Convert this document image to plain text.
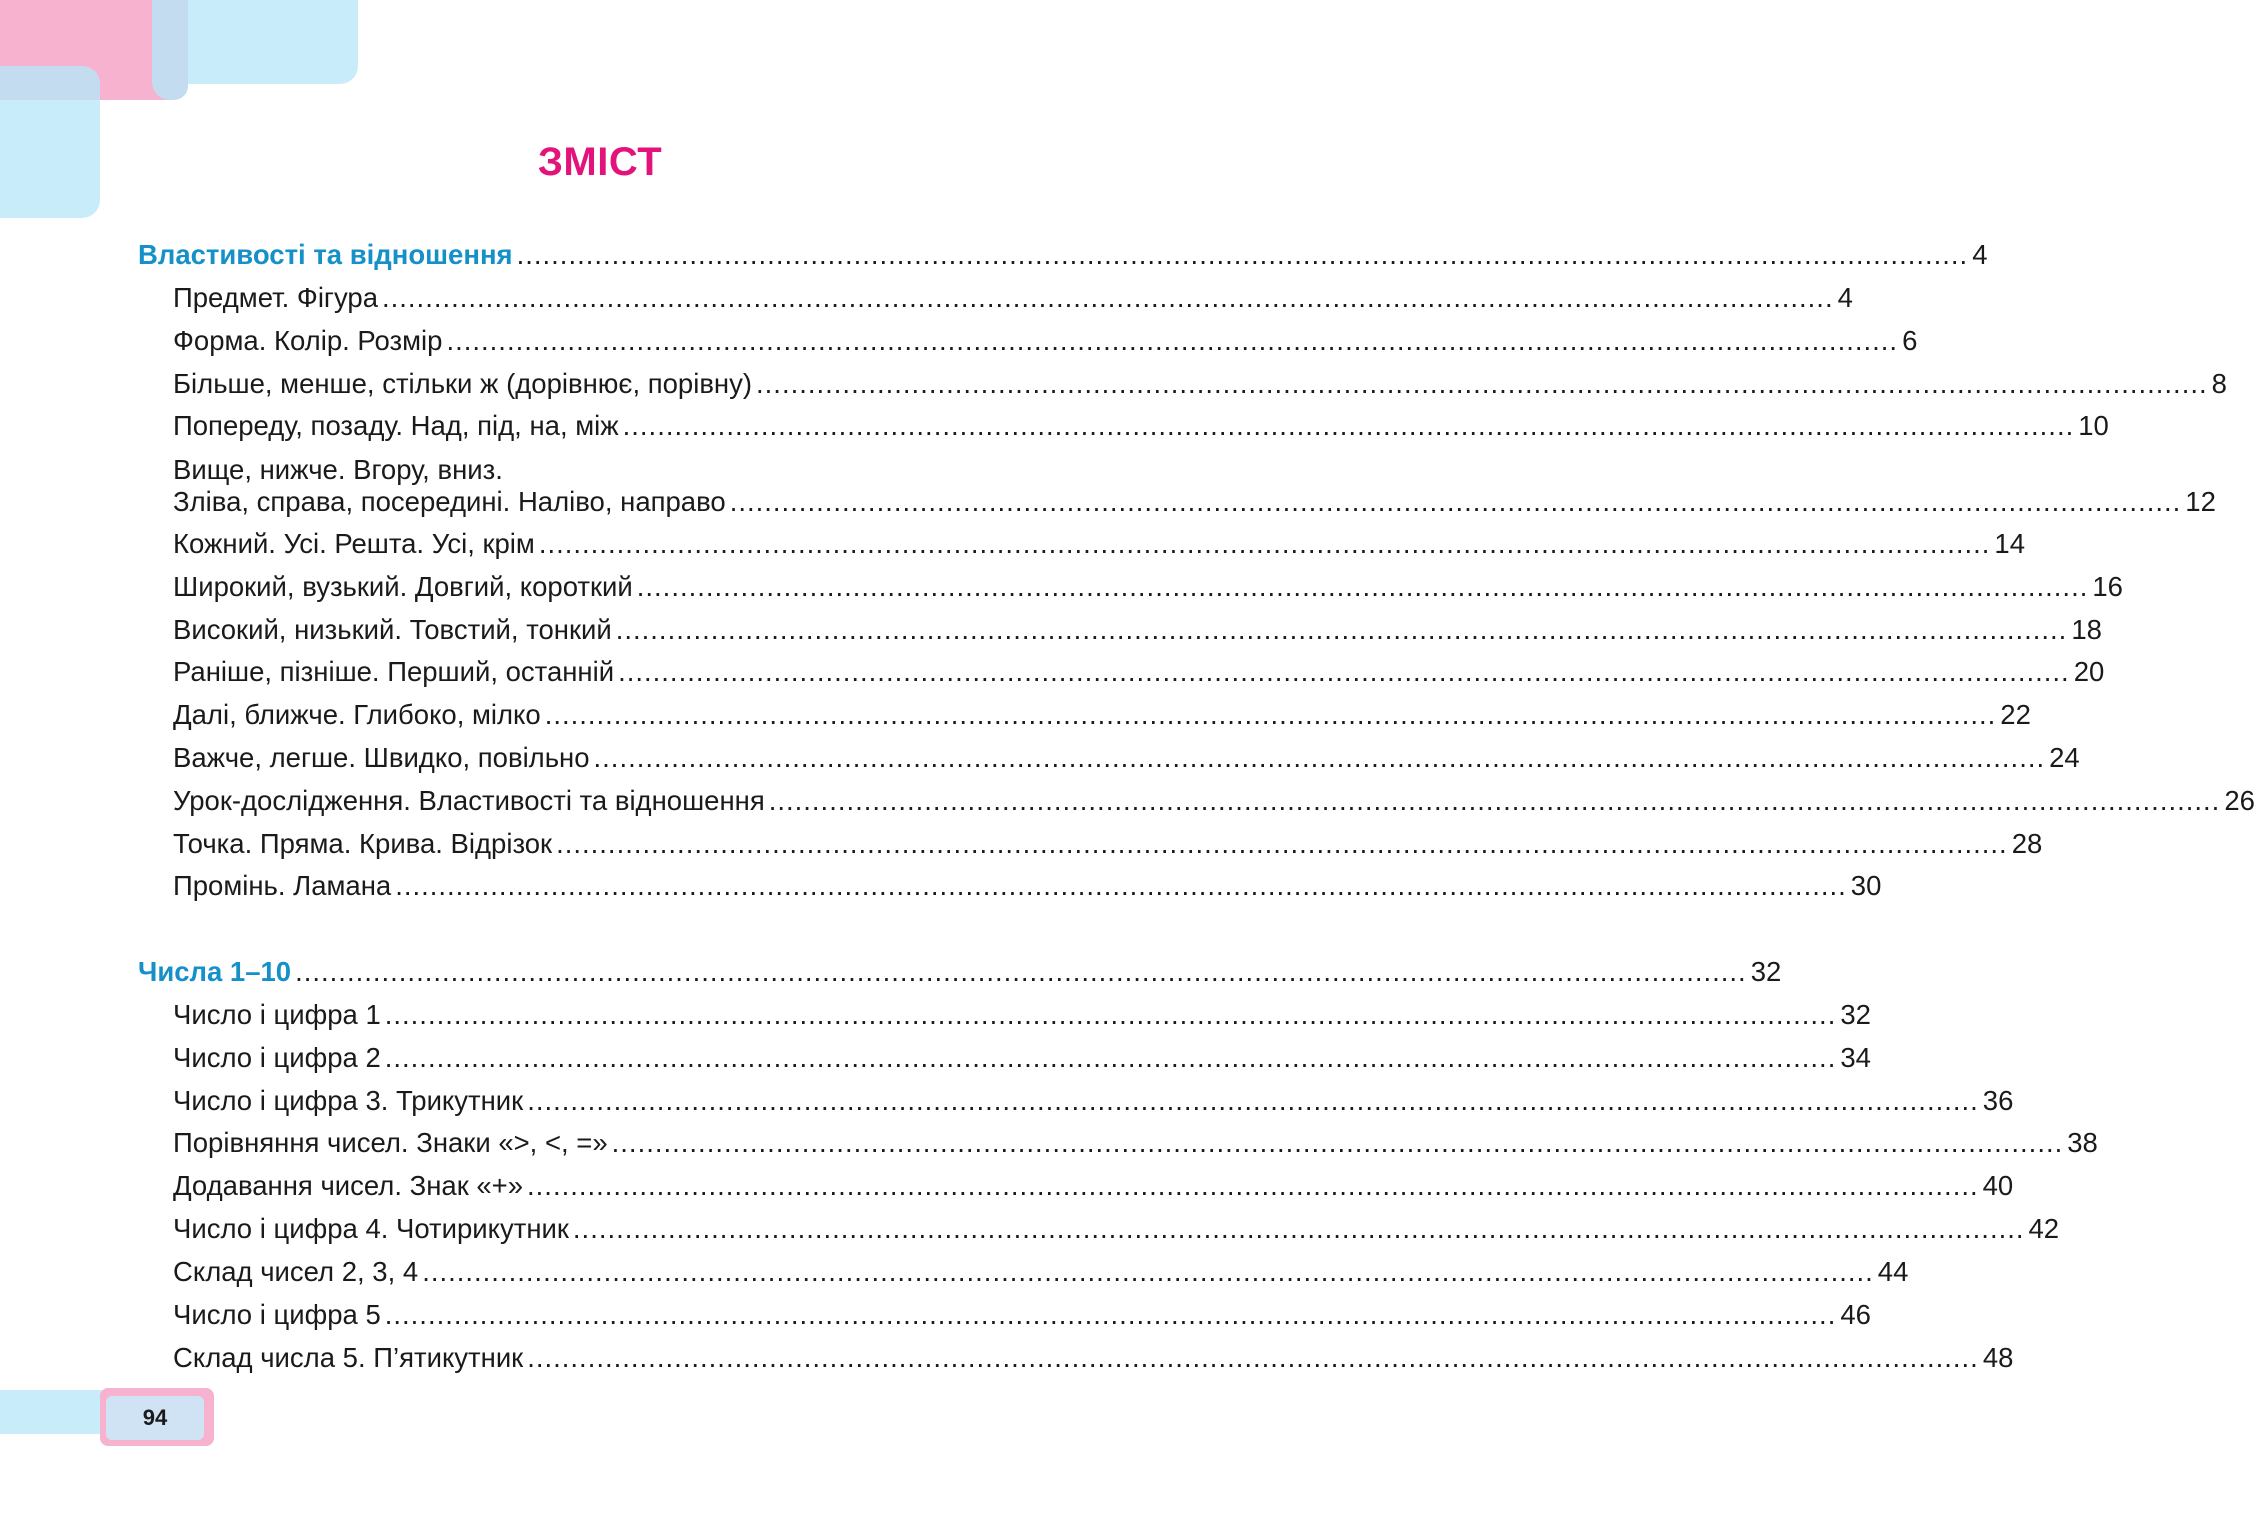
ЗМІСТ
Властивості та відношення ........................................................................................................................................................................ 4
Предмет. Фігура ........................................................................................................................................................................ 4
Форма. Колір. Розмір ........................................................................................................................................................................ 6
Більше, менше, стільки ж (дорівнює, порівну) ........................................................................................................................................................................ 8
Попереду, позаду. Над, під, на, між ........................................................................................................................................................................ 10
Вище, нижче. Вгору, вниз.
Зліва, справа, посередині. Наліво, направо ........................................................................................................................................................................ 12
Кожний. Усі. Решта. Усі, крім ........................................................................................................................................................................ 14
Широкий, вузький. Довгий, короткий ........................................................................................................................................................................ 16
Високий, низький. Товстий, тонкий ........................................................................................................................................................................ 18
Раніше, пізніше. Перший, останній ........................................................................................................................................................................ 20
Далі, ближче. Глибоко, мілко ........................................................................................................................................................................ 22
Важче, легше. Швидко, повільно ........................................................................................................................................................................ 24
Урок-дослідження. Властивості та відношення ........................................................................................................................................................................ 26
Точка. Пряма. Крива. Відрізок ........................................................................................................................................................................ 28
Промінь. Ламана ........................................................................................................................................................................ 30
Числа 1–10 ........................................................................................................................................................................ 32
Число і цифра 1 ........................................................................................................................................................................ 32
Число і цифра 2 ........................................................................................................................................................................ 34
Число і цифра 3. Трикутник ........................................................................................................................................................................ 36
Порівняння чисел. Знаки «>, <, =» ........................................................................................................................................................................ 38
Додавання чисел. Знак «+» ........................................................................................................................................................................ 40
Число і цифра 4. Чотирикутник ........................................................................................................................................................................ 42
Склад чисел 2, 3, 4 ........................................................................................................................................................................ 44
Число і цифра 5 ........................................................................................................................................................................ 46
Склад числа 5. П’ятикутник ........................................................................................................................................................................ 48
94
